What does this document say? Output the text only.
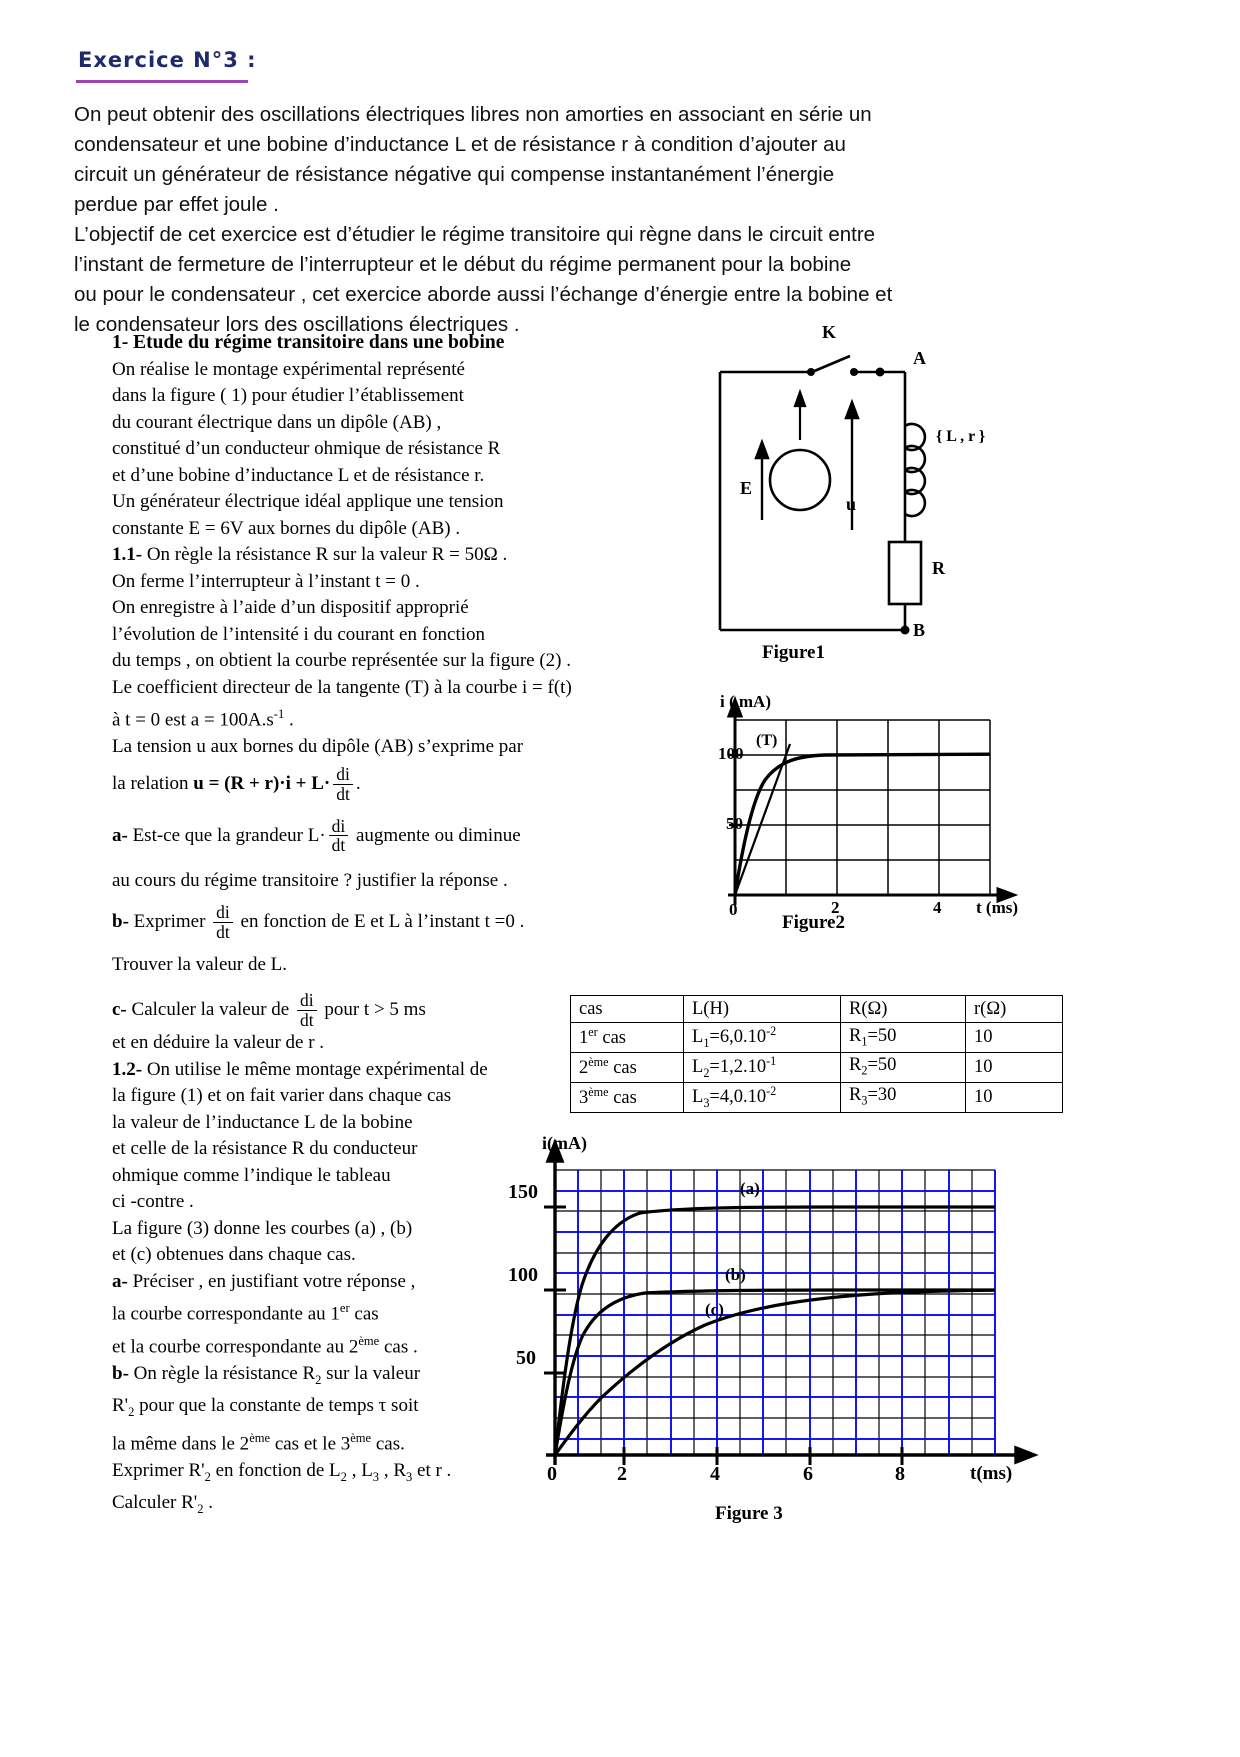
Exercice N°3 :

On peut obtenir des oscillations électriques libres non amorties en associant en série un

condensateur et une bobine d’inductance L et de résistance r à condition d’ajouter au

circuit un générateur de résistance négative qui compense instantanément l’énergie

perdue par effet joule .

L’objectif de cet exercice est d’étudier le régime transitoire qui règne dans le circuit entre

l’instant de fermeture de l’interrupteur et le début du régime permanent pour la bobine

ou pour le condensateur , cet exercice aborde aussi l’échange d’énergie entre la bobine et

le condensateur lors des oscillations électriques .

1- Etude du régime transitoire dans une bobine
On réalise le montage expérimental représenté
dans la figure ( 1) pour étudier l’établissement
du courant électrique dans un dipôle (AB) ,
constitué d’un conducteur ohmique de résistance R
et d’une bobine d’inductance L et de résistance r.
Un générateur électrique idéal applique une tension
constante E = 6V aux bornes du dipôle (AB) .
1.1- On règle la résistance R sur la valeur R = 50Ω .
On ferme l’interrupteur à l’instant t = 0 .
On enregistre à l’aide d’un dispositif approprié
l’évolution de l’intensité i du courant en fonction
du temps , on obtient la courbe représentée sur la figure (2) .
Le coefficient directeur de la tangente (T) à la courbe i = f(t)
à t = 0 est $a = 100A.s^{-1}$ .
La tension u aux bornes du dipôle (AB) s’exprime par
la relation $u = (R + r)\cdot i + L\cdot \frac{di}{dt}$ .
a- Est-ce que la grandeur $L\cdot \frac{di}{dt}$ augmente ou diminue
au cours du régime transitoire ? justifier la réponse .
b- Exprimer $\frac{di}{dt}$ en fonction de E et L à l’instant t =0 .
Trouver la valeur de L.
c- Calculer la valeur de $\frac{di}{dt}$ pour t > 5 ms
et en déduire la valeur de r .
1.2- On utilise le même montage expérimental de
la figure (1) et on fait varier dans chaque cas
la valeur de l’inductance L de la bobine
et celle de la résistance R du conducteur
ohmique comme l’indique le tableau
ci -contre .
La figure (3) donne les courbes (a) , (b)
et (c) obtenues dans chaque cas.
a- Préciser , en justifiant votre réponse ,
la courbe correspondante au 1er cas
et la courbe correspondante au 2ème cas .
b- On règle la résistance $R_2$ sur la valeur
$R'_2$ pour que la constante de temps τ soit
la même dans le 2ème cas et le 3ème cas.
Exprimer $R'_2$ en fonction de $L_2$ , $L_3$ , $R_3$ et r .
Calculer $R'_2$ .
K
A
B
E
u
R
{ L , r }
Figure1
100
50
0	2	4
i ( mA)
t (ms)
(T)
Figure2
cas	L(H)	R(Ω)	r(Ω)
1er cas	$L_1=6,0.10^{-2}$	$R_1=50$	10
2ème cas	$L_2=1,2.10^{-1}$	$R_2=50$	10
3ème cas	$L_3=4,0.10^{-2}$	$R_3=30$	10
i(mA)
150
100
50
0	2	4	6	8	t(ms)
(a)
(b)
(c)
Figure 3
